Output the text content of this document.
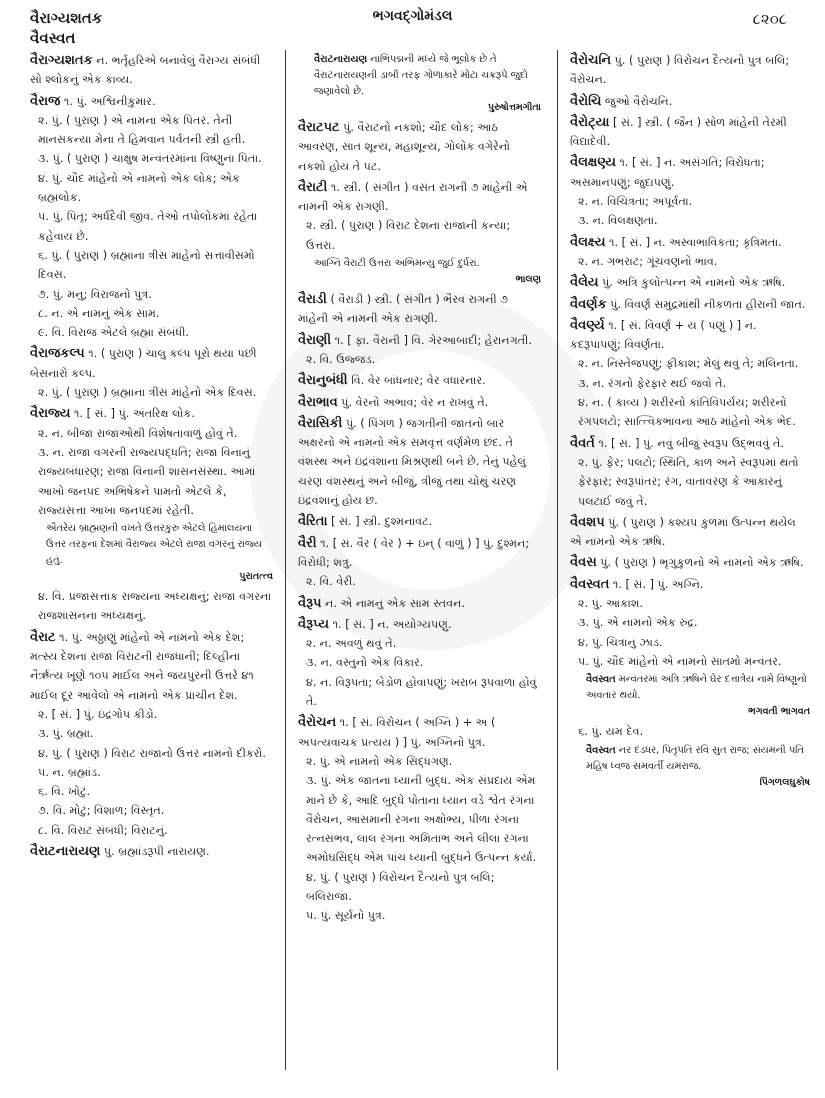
વૈરાગ્યશતક
વૈવસ્વત
ભગવદ્ગોમંડલ	૮૨૦૮
વૈરાગ્યશતક ન. ભર્તૃહરિએ બનાવેલું વૈરાગ્ય સંબંધી સો શ્લોકનું એક કાવ્ય.
વૈરાજ ૧. પું. અશ્વિનીકુમાર.
૨. પું. ( પુરાણ ) એ નામના એક પિતર. તેની માનસકન્યા મેના તે હિમવાન પર્વતની સ્ત્રી હતી.
૩. પું. ( પુરાણ ) ચાક્ષુષ મન્વંતરમાંના વિષ્ણુના પિતા.
૪. પું. ચૌદ માંહેનો એ નામનો એક લોક; એક બ્રહ્મલોક.
૫. પું. પિતૃ; અર્ધદૈવી જીવ. તેઓ તપોલોકમાં રહેતા કહેવાય છે.
૬. પું. ( પુરાણ ) બ્રહ્માના ત્રીસ માંહેનો સત્તાવીસમો દિવસ.
૭. પું. મનુ; વિરાજનો પુત્ર.
૮. ન. એ નામનું એક સામ.
૯. વિ. વિરાજ એટલે બ્રહ્મા સંબંધી.
વૈરાજકલ્પ ૧. ( પુરાણ ) ચાલુ કલ્પ પૂરો થયા પછી બેસનારો કલ્પ.
૨. પું. ( પુરાણ ) બ્રહ્માના ત્રીસ માંહેનો એક દિવસ.
વૈરાજ્ય ૧. [ સં. ] પું. અંતરિક્ષ લોક.
૨. ન. બીજા રાજાઓથી વિશેષતાવાળું હોવું તે.
૩. ન. રાજા વગરની રાજ્યપદ્ધતિ; રાજા વિનાનું રાજ્યબંધારણ; રાજા વિનાની શાસનસંસ્થા. આમાં આખો જનપદ અભિષેકને પામતો એટલે કે, રાજ્યસત્તા આખા જનપદમાં રહેતી.
ઐતરેય બ્રાહ્મણની વખતે ઉત્તરકુરુ એટલે હિમાલયના ઉત્તર તરફના દેશમાં વૈરાજ્ય એટલે રાજા વગરનું રાજ્ય હતું.
પુરાતત્ત્વ
૪. વિ. પ્રજાસત્તાક રાજ્યના અધ્યક્ષનું; રાજા વગરના રાજશાસનના અધ્યક્ષનું.
વૈરાટ ૧. પું. અઠ્ઠાણું માંહેનો એ નામનો એક દેશ; મત્સ્ય દેશના રાજા વિરાટની રાજધાની; દિલ્હીના નૈર્ઋત્ય ખૂણે ૧૦૫ માઈલ અને જયપુરની ઉત્તરે ૪૧ માઈલ દૂર આવેલો એ નામનો એક પ્રાચીન દેશ.
૨. [ સં. ] પું. ઇંદ્રગોપ કીડો.
૩. પું. બ્રહ્મા.
૪. પું. ( પુરાણ ) વિરાટ રાજાનો ઉત્તર નામનો દીકરો.
૫. ન. બ્રહ્માંડ.
૬. વિ. ખોટું.
૭. વિ. મોટું; વિશાળ; વિસ્તૃત.
૮. વિ. વિરાટ સંબંધી; વિરાટનું.
વૈરાટનારાયણ પું. બ્રહ્માંડરૂપી નારાયણ.
વૈરાટનારાયણ નાભિપદ્મની મધ્યે જે ભૂલોક છે તે વૈરાટનારાયણની ડાબી તરફ ગોળાકારે મોટા ચક્રરૂપે જુદો જણાવેલો છે.
પુરુષોત્તમગીતા
વૈરાટપટ પું. વૈરાટનો નકશો; ચૌદ લોક; આઠ આવરણ, સાત શૂન્ય, મહાશૂન્ય, ગોલોક વગેરેનો નકશો હોય તે પટ.
વૈરાટી ૧. સ્ત્રી. ( સંગીત ) વસંત રાગની ૭ માંહેની એ નામની એક રાગણી.
૨. સ્ત્રી. ( પુરાણ ) વિરાટ દેશના રાજાની કન્યા; ઉત્તરા.
આગ્નિ વૈરાટી ઉત્તરા અભિમન્યુ જુઈ દુર્ધરા.
ભાલણ
વૈરાડી ( વૈરાડી ) સ્ત્રી. ( સંગીત ) ભૈરવ રાગની ૭ માંહેની એ નામની એક રાગણી.
વૈરાણી ૧. [ ફા. વૈરાની ] વિ. ગેરઆબાદી; હેરાનગતી.
૨. વિ. ઉજ્જડ.
વૈરાનુબંધી વિ. વેર બાંધનાર; વેર વધારનાર.
વૈરાભાવ પું. વેરનો અભાવ; વેર ન રાખવું તે.
વૈરાસિકી પું. ( પિંગળ ) જગતીની જાતનો બાર અક્ષરનો એ નામનો એક સમવૃત્ત વર્ણમેળ છંદ. તે વંશસ્થ અને ઇંદ્રવંશાના મિશ્રણથી બને છે. તેનું પહેલું ચરણ વંશસ્થનું અને બીજું, ત્રીજું તથા ચોથું ચરણ ઇંદ્રવંશાનું હોય છ.
વૈરિતા [ સં. ] સ્ત્રી. દુશ્મનાવટ.
વૈરી ૧. [ સં. વૈર ( વેર ) + ઇન્ ( વાળું ) ] પું. દુશ્મન; વિરોધી; શત્રુ.
૨. વિ. વેરી.
વૈરૂપ ન. એ નામનું એક સામ સ્તવન.
વૈરૂપ્ય ૧. [ સં. ] ન. અયોગ્યપણું.
૨. ન. અવળું થવું તે.
૩. ન. વસ્તુનો એક વિકાર.
૪. ન. વિરૂપતા; બેડોળ હોવાપણું; ખરાબ રૂપવાળા હોવું તે.
વૈરોચન ૧. [ સં. વિરોચન ( અગ્નિ ) + અ ( અપત્યવાચક પ્રત્યય ) ] પું. અગ્નિનો પુત્ર.
૨. પું. એ નામનો એક સિદ્ધગણ.
૩. પું. એક જાતના ધ્યાની બુદ્ધ. એક સંપ્રદાય એમ માને છે કે, આદિ બુદ્ધે પોતાના ધ્યાન વડે શ્વેત રંગના વૈરોચન, આસમાની રંગના અક્ષોભ્ય, પીળા રંગના રત્નસંભવ, લાલ રંગના અમિતાભ અને લીલા રંગના અમોઘસિદ્ધ એમ પાંચ ધ્યાની બુદ્ધને ઉત્પન્ન કર્યા.
૪. પું. ( પુરાણ ) વિરોચન દૈત્યનો પુત્ર બલિ; બલિરાજા.
૫. પું. સૂર્યનો પુત્ર.
વૈરોચનિ પું. ( પુરાણ ) વિરોચન દૈત્યનો પુત્ર બલિ; વૈરોચન.
વૈરોચિ જુઓ વૈરોચનિ.
વૈરોટ્યા [ સં. ] સ્ત્રી. ( જૈન ) સોળ માંહેની તેરમી વિદ્યાદેવી.
વૈલક્ષણ્ય ૧. [ સં. ] ન. અસંગતિ; વિરોધતા; અસમાનપણું; જુદાપણું.
૨. ન. વિચિત્રતા; અપૂર્વતા.
૩. ન. વિલક્ષણતા.
વૈલક્ષ્ય ૧. [ સં. ] ન. અસ્વાભાવિકતા; કૃત્રિમતા.
૨. ન. ગભરાટ; ગૂંચવણનો ભાવ.
વૈલેય પું. અત્રિ કુલોત્પન્ન એ નામનો એક ઋષિ.
વૈવર્ણક પું. વિવર્ણ સમુદ્રમાંથી નીકળતા હીરાની જાત.
વૈવર્ણ્ય ૧. [ સં. વિવર્ણ + ય ( પણું ) ] ન. કદરૂપાપણું; વિવર્ણતા.
૨. ન. નિસ્તેજપણું; ફીકાશ; મેલું થવું તે; મલિનતા.
૩. ન. રંગનો ફેરફાર થઈ જવો તે.
૪. ન. ( કાવ્ય ) શરીરનો કાંતિવિપર્યય; શરીરનો રંગપલટો; સાત્ત્વિકભાવના આઠ માંહેનો એક ભેદ.
વૈવર્ત ૧. [ સં. ] પું. નવું બીજું સ્વરૂપ ઉદ્ભવવું તે.
૨. પું. ફેર; પલટો; સ્થિતિ, કાળ અને સ્વરૂપમાં થતો ફેરફાર; સ્વરૂપાંતર; રંગ, વાતાવરણ કે આકારનું પલટાઈ જવું તે.
વૈવશપ પું. ( પુરાણ ) કશ્યપ કુળમાં ઉત્પન્ન થયેલ એ નામનો એક ઋષિ.
વૈવસ પું. ( પુરાણ ) ભૃગુકુળનો એ નામનો એક ઋષિ.
વૈવસ્વત ૧. [ સં. ] પું. અગ્નિ.
૨. પું. આકાશ.
૩. પું. એ નામનો એક રુદ્ર.
૪. પું. ચિત્રાનું ઝાડ.
૫. પું. ચૌદ માંહેનો એ નામનો સાતમો મન્વંતર.
વૈવસ્વત મન્વંતરમાં અત્રિ ઋષિને ઘેર દત્તાત્રેય નામે વિષ્ણુનો અવતાર થયો.
ભગવતી ભાગવત
૬. પું. યમ દેવ.
વૈવસ્વત નર દંડધર, પિતૃપતિ રવિ સુત રાજ; સંયમની પતિ મહિષ ધ્વજ સમવર્તી યમરાજ.
પિંગળલઘુકોષ
